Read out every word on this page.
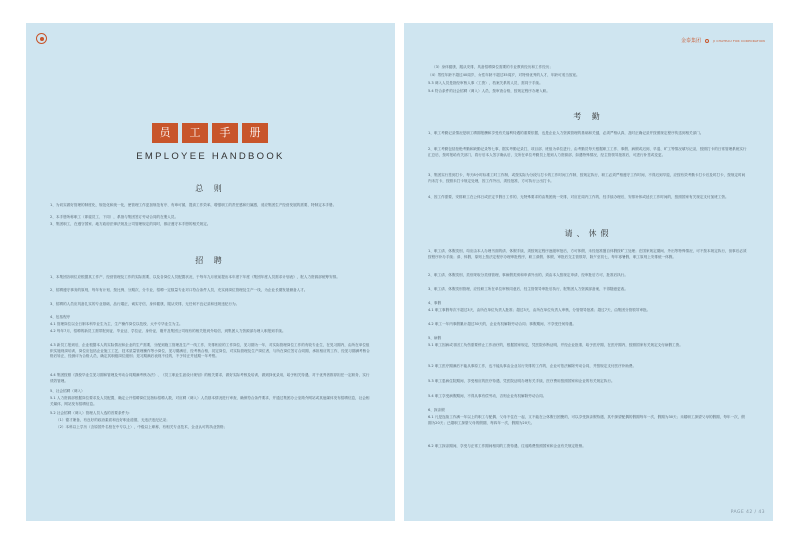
员	工	手	册
EMPLOYEE HANDBOOK
总 则
1、为切实做好管理的制度化、规范化和统一化，使管理工作更加规范有序、有章可循，提高工作效率，增强职工的责任感和归属感，适应集团生产经营发展的需要，特制定本手册。
2、本手册所称职工（即雇员工、下同），系指与集团签订劳动合同的在册人员。
3、集团职工，在遵守国家、地方政府法律法规及公司管理规定的同时，都应遵守本手册的相关规定。
招 聘
1、本集团各职位应根据其工作产、经营管理及工作的实际需要，以及各岗位人员配置状况，于每年九月底前提出本年度下年度《集团年度人员需求计划表》，报人力资源部统筹安排。
2、招聘遵守事务的原则，每年有计划、按比例、分期次、分专业，招聘一定数量专业对口符合条件人员，充实到岗位管理及生产一线，为企业长期发展储备人才。
3、招聘的人员应具备扎实的专业基础，品行端正，诚实守信，身体健康，服从安排，无任何不良记录和违规违纪行为。
4、包括程序
4.1 管理岗位以全日制本科毕业生为主，生产操作岗位以技校、大中专毕业生为主。
4.2 每年7月，招聘的新员工需带报到证、毕业证、学位证、身份证，刚并及集团公司现有的相关报到介绍信，到集团人力资源部办理入职报到手续。
4.3 新员工报到后，企业根据本人的实际情况和企业的生产需要，分配到施工管理及生产一线工作，安排相应的工作岗位，见习期为一年，对实际管理岗位工作的有较专业生，在见习期内，由所在单位组织实施现岗培训，岗位应包括企业施工工艺，技术质量管理操作等小岗位，见习期满后，经考核合格，初定岗位，对实际管理及生产岗位者，与所在岗位签订合同期，承担相应的工作，经见习期满考核合格后转正，经测评为合格人员，确定其职级岗位级别；见习期满后表现不佳的，不予转正并延期一年考察。
4.4 集团按照《我校毕业生见习期和管理及劳动合同期满考核办法》、《员工职业生涯设计规划》的相关要求，做好实际考核及培训，做到择优录用，给予相关待遇，对于优秀者推荐担任一定职务，实行绩效管理。
5、社会招聘（调入）
5.1 人力资源部根据岗位要求及人员配置，确定公开招聘岗位及指标招聘人数，对应聘（调入）人员基本情况进行审查，确保符合条件要求，并通过集团办公室简介网站或其他媒体发布招聘信息，社会相关媒体，网站发布招聘信息。
5.2 社会招聘（调入）管理人员入选的首要条件为：
（1）德才兼备，有良好的政治素质和良好职业道德，无违法违纪记录；
（2）本科以上学历（含原国外名校在中专以上），中级以上职称，有相关专业技术，企业认可的执业资格；
金泰集团	JI CHATEAU FOR CORPORATION
（3）身体健康，服从安排，具备招聘岗位需要的专业教育经历和工作经历；
（4）男性年龄不超过40周岁，女性年龄不超过35周岁，对特别优秀的人才，年龄可适当放宽。
5.3 调入人员是指经审核人事（工资），档案关系的人员，需同于手续。
5.4 符合条件的社会招聘（调入）人员，按审查合格，按规定程序办理入职。
考 勤
1、职工考勤记录情况是职工聘期报酬和享受有关福利待遇的重要依据，也是企业人力资源管理的基础和关键，必须严格认真，及时正确记录并按照规定程序传送到相关部门。
2、职工考勤包括拒绝考勤和缺勤记录等七事，据实考勤记录打，项目部、班组为单位进行，由考勤员每天根据职工工作、事假、病假或迟到、早退、旷工等情况填写记录，按照打卡的日常管理系统实行汇总后，按时报给有关部门，将行后本人签字确认后，交所在单位考勤员上报到人力资源部，如遇特殊情况，经主管领导批准后，可进行补签或变更。
3、集团实行签到打卡，每天8小时标准工时工作制，或按实际为分段与打卡的工作时间工作制，按规定执行，职工必须严格遵守工作时间，不得迟到早退，应按有效考勤卡打卡后及时打卡，按规定时间内未打卡，按照未打卡规定处理，因工作外出，须经批准，方可执行公出打卡。
4、因工作需要，安排职工在公休日或法定节假日工作的，无特殊要求的由集团统一安排，对应在周内工作的，经手续办理后，安排补休或延长工作时间的，按照国家有关规定支付加班工资。
请、休假
1、职工请、休假类别，均应由本人办理书面的请、休假手续，须按规定程序逐级审批后，方可休假，未经批准擅自休假按旷工处理；在国家规定期间、外出等特殊情况，可不按本规定执行，但事后必须按程序补办手续；请、休假，原则上按法定程序办理审批程序，职工请假、休假，审批后交主管领导，除夕至初七，每年寒暑假，职工原则上安排统一休假。
2、职工请、休假类别，类别采取分类别管理，事病假类别和申请外出的，须由本人按规定申请，经审批后方可，批准后执行。
3、职工请、休假类别管理，应经职工所在单位审核同意后，经主管领导审批后执行，报集团人力资源部备案，不得随意更改。
4、事假
4.1 职工事假每次不超过3天，由所在单位负责人批准；超过3天，由所在单位负责人审核，分管领导批准；超过7天，由集团分管领导审批。
4.2 职工一年内事假累计超过30天的，企业有权解除劳动合同；事假期间，不享受任何待遇。
5、病假
5.1 职工因病或非因工负伤需要停止工作治疗的，根据国家规定，凭医院诊断证明，并经企业批准，给予医疗期，在医疗期内，按照国家有关规定支付病假工资。
5.2 职工医疗期满后不能从事原工作，也不能从事由企业另行安排的工作的，企业可依法解除劳动合同，并按规定支付医疗补助费。
5.3 职工患病住院期间，享受相应的医疗待遇，凭医院证明办理有关手续，医疗费用按照国家和企业的有关规定执行。
5.4 职工享受病假期间，不得从事有偿劳动，否则企业有权解除劳动合同。
6、探亲假
6.1 凡是连续工作满一年以上的职工与配偶、父母不住在一起，又不能在公休假日团聚的，可以享受探亲假待遇，其中探望配偶的假期每年一次，假期为30天；未婚职工探望父母的假期，每年一次，假期为20天；已婚职工探望父母的假期，每四年一次，假期为20天。
6.2 职工探亲期间，享受与正常工作期间相同的工资待遇，往返路费按照国家和企业有关规定报销。
PAGE 42 / 43
